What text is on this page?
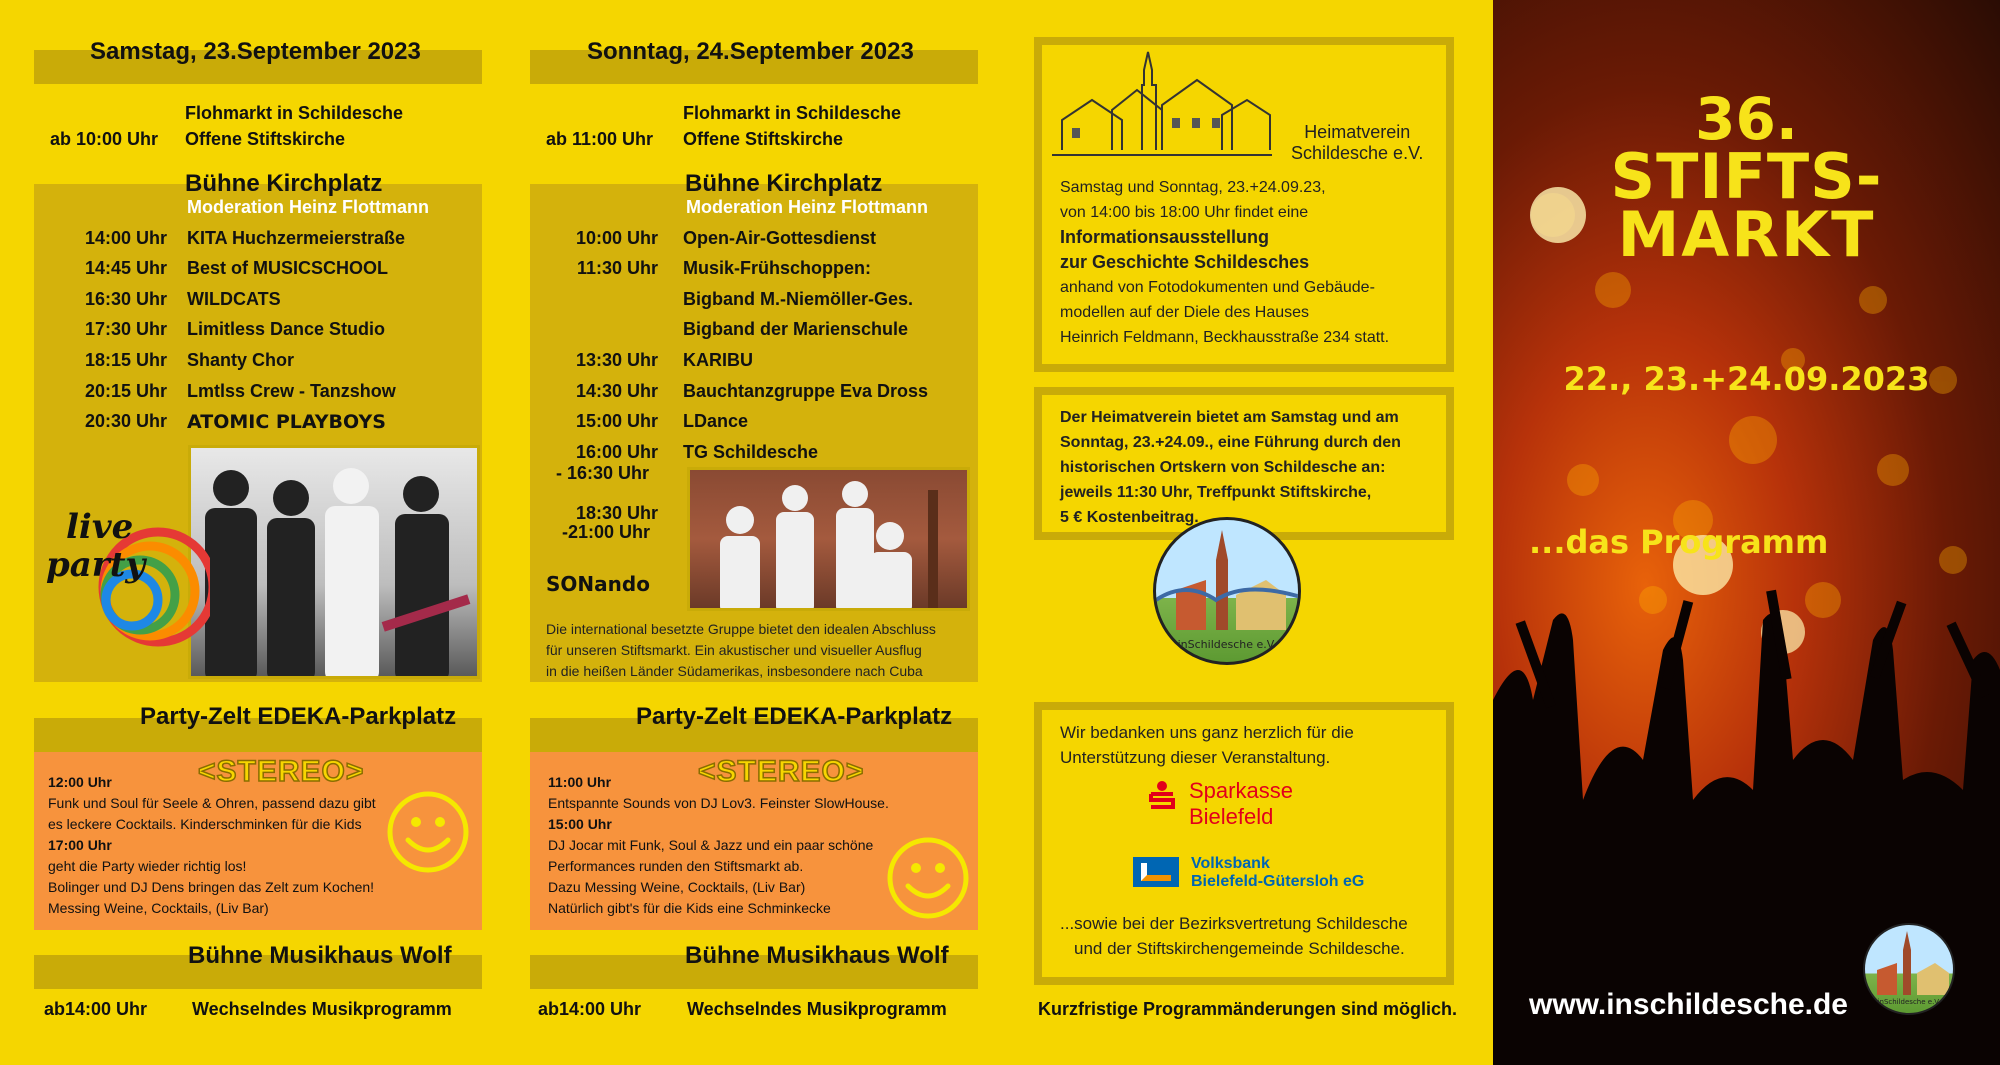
Samstag, 23.September 2023
Flohmarkt in Schildesche
ab 10:00 Uhr Offene Stiftskirche
Bühne Kirchplatz
Moderation Heinz Flottmann
14:00 Uhr KITA Huchzermeierstraße
14:45 Uhr Best of MUSICSCHOOL
16:30 Uhr WILDCATS
17:30 Uhr Limitless Dance Studio
18:15 Uhr Shanty Chor
20:15 Uhr Lmtlss Crew - Tanzshow
20:30 Uhr ATOMIC PLAYBOYS
live
party
Party-Zelt EDEKA-Parkplatz
<STEREO>
12:00 Uhr
Funk und Soul für Seele & Ohren, passend dazu gibt
es leckere Cocktails. Kinderschminken für die Kids
17:00 Uhr
geht die Party wieder richtig los!
Bolinger und DJ Dens bringen das Zelt zum Kochen!
Messing Weine, Cocktails, (Liv Bar)
Bühne Musikhaus Wolf
ab14:00 Uhr Wechselndes Musikprogramm
Sonntag, 24.September 2023
Flohmarkt in Schildesche
ab 11:00 Uhr Offene Stiftskirche
Bühne Kirchplatz
Moderation Heinz Flottmann
10:00 Uhr Open-Air-Gottesdienst
11:30 Uhr Musik-Frühschoppen:
Bigband M.-Niemöller-Ges.
Bigband der Marienschule
13:30 Uhr KARIBU
14:30 Uhr Bauchtanzgruppe Eva Dross
15:00 Uhr LDance
16:00 Uhr TG Schildesche
- 16:30 Uhr
18:30 Uhr
-21:00 Uhr
SONando
Die international besetzte Gruppe bietet den idealen Abschluss
für unseren Stiftsmarkt. Ein akustischer und visueller Ausflug
in die heißen Länder Südamerikas, insbesondere nach Cuba
Party-Zelt EDEKA-Parkplatz
<STEREO>
11:00 Uhr
Entspannte Sounds von DJ Lov3. Feinster SlowHouse.
15:00 Uhr
DJ Jocar mit Funk, Soul & Jazz und ein paar schöne
Performances runden den Stiftsmarkt ab.
Dazu Messing Weine, Cocktails, (Liv Bar)
Natürlich gibt's für die Kids eine Schminkecke
Bühne Musikhaus Wolf
ab14:00 Uhr	Wechselndes Musikprogramm
Heimatverein
Schildesche e.V.
Samstag und Sonntag, 23.+24.09.23,
von 14:00 bis 18:00 Uhr findet eine
Informationsausstellung
zur Geschichte Schildesches
anhand von Fotodokumenten und Gebäude-
modellen auf der Diele des Hauses
Heinrich Feldmann, Beckhausstraße 234 statt.
Der Heimatverein bietet am Samstag und am
Sonntag, 23.+24.09., eine Führung durch den
historischen Ortskern von Schildesche an:
jeweils 11:30 Uhr, Treffpunkt Stiftskirche,
5 € Kostenbeitrag.
inSchildesche e.V.
Wir bedanken uns ganz herzlich für die
Unterstützung dieser Veranstaltung.
Sparkasse
Bielefeld
Volksbank
Bielefeld-Gütersloh eG
...sowie bei der Bezirksvertretung Schildesche
und der Stiftskirchengemeinde Schildesche.
Kurzfristige Programmänderungen sind möglich.
36.
STIFTS-
MARKT
22., 23.+24.09.2023
...das Programm
www.inschildesche.de	inSchildesche e.V.
